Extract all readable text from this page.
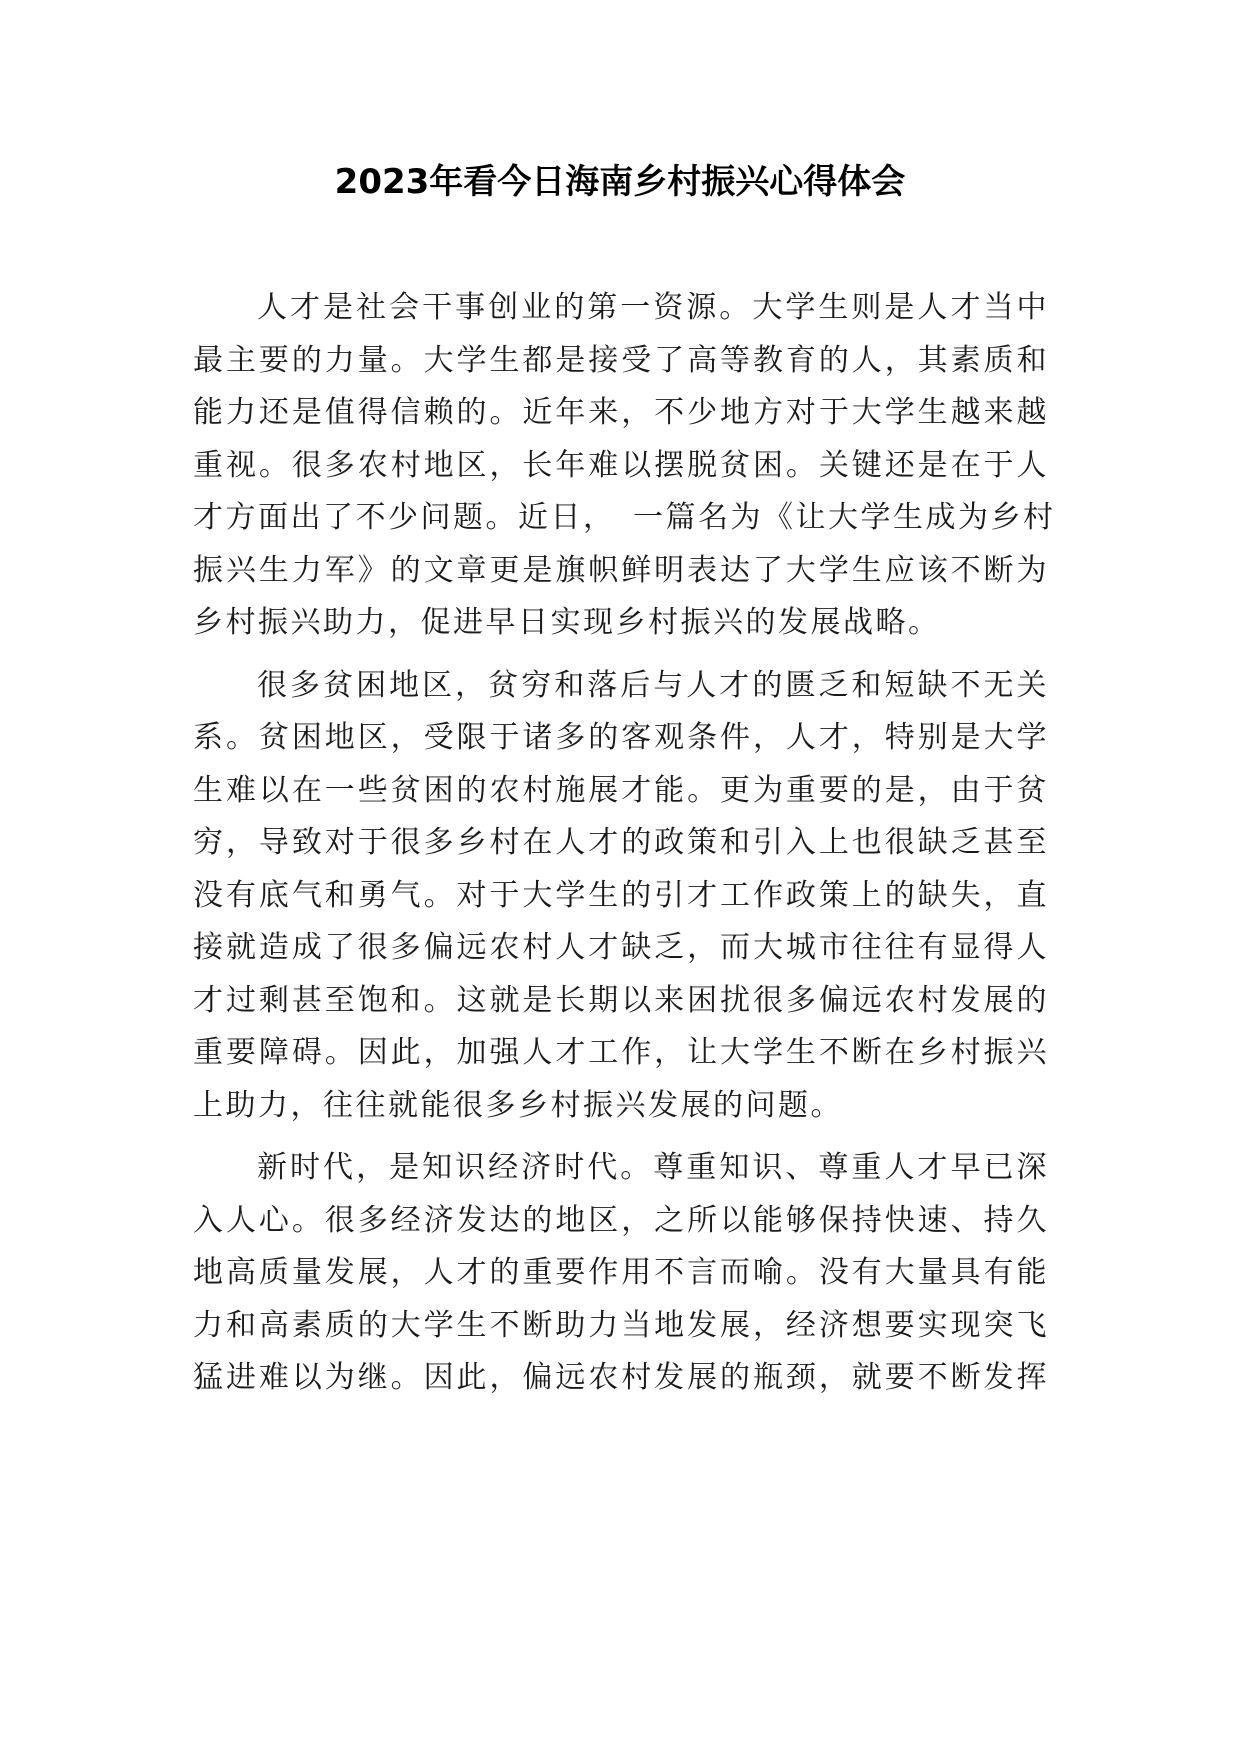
2023年看今日海南乡村振兴心得体会

人才是社会干事创业的第一资源。大学生则是人才当中
最主要的力量。大学生都是接受了高等教育的人，其素质和
能力还是值得信赖的。近年来，不少地方对于大学生越来越
重视。很多农村地区，长年难以摆脱贫困。关键还是在于人
才方面出了不少问题。近日，　一篇名为《让大学生成为乡村
振兴生力军》的文章更是旗帜鲜明表达了大学生应该不断为
乡村振兴助力，促进早日实现乡村振兴的发展战略。

很多贫困地区，贫穷和落后与人才的匮乏和短缺不无关
系。贫困地区，受限于诸多的客观条件，人才，特别是大学
生难以在一些贫困的农村施展才能。更为重要的是，由于贫
穷，导致对于很多乡村在人才的政策和引入上也很缺乏甚至
没有底气和勇气。对于大学生的引才工作政策上的缺失，直
接就造成了很多偏远农村人才缺乏，而大城市往往有显得人
才过剩甚至饱和。这就是长期以来困扰很多偏远农村发展的
重要障碍。因此，加强人才工作，让大学生不断在乡村振兴
上助力，往往就能很多乡村振兴发展的问题。

新时代，是知识经济时代。尊重知识、尊重人才早已深
入人心。很多经济发达的地区，之所以能够保持快速、持久
地高质量发展，人才的重要作用不言而喻。没有大量具有能
力和高素质的大学生不断助力当地发展，经济想要实现突飞
猛进难以为继。因此，偏远农村发展的瓶颈，就要不断发挥
